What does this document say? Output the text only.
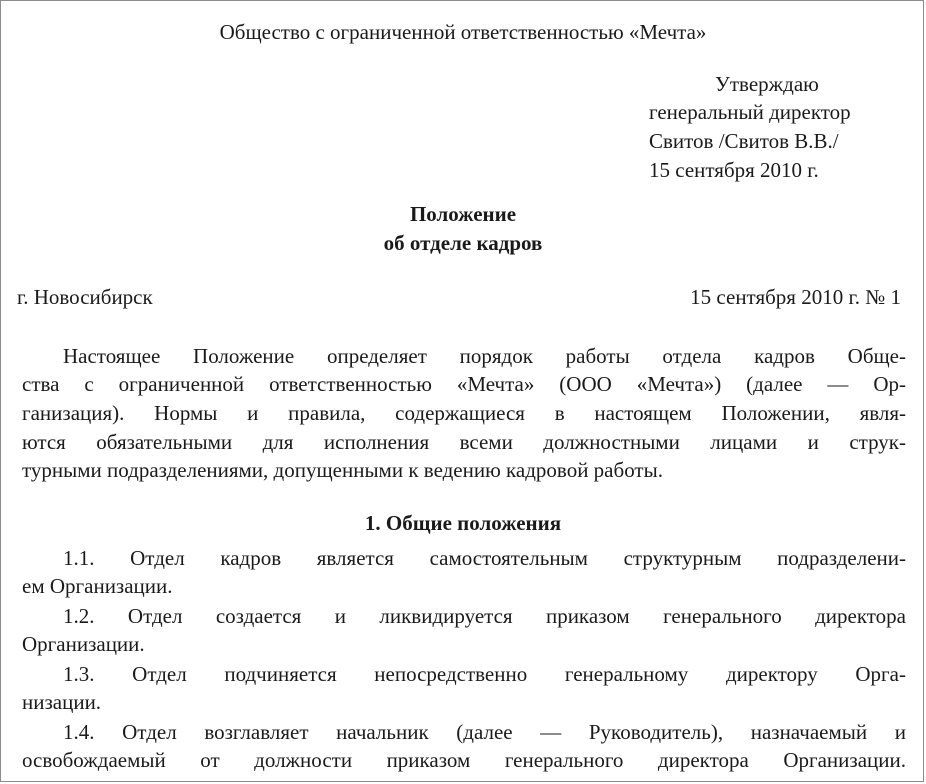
Общество с ограниченной ответственностью «Мечта»
Утверждаю
генеральный директор
Свитов /Свитов В.В./
15 сентября 2010 г.
Положение
об отделе кадров
г. Новосибирск	15 сентября 2010 г. № 1
Настоящее Положение определяет порядок работы отдела кадров Обще-
ства с ограниченной ответственностью «Мечта» (ООО «Мечта») (далее — Ор-
ганизация). Нормы и правила, содержащиеся в настоящем Положении, явля-
ются обязательными для исполнения всеми должностными лицами и струк-
турными подразделениями, допущенными к ведению кадровой работы.
1. Общие положения
1.1. Отдел кадров является самостоятельным структурным подразделени-
ем Организации.
1.2. Отдел создается и ликвидируется приказом генерального директора
Организации.
1.3. Отдел подчиняется непосредственно генеральному директору Орга-
низации.
1.4. Отдел возглавляет начальник (далее — Руководитель), назначаемый и
освобождаемый от должности приказом генерального директора Организации.
